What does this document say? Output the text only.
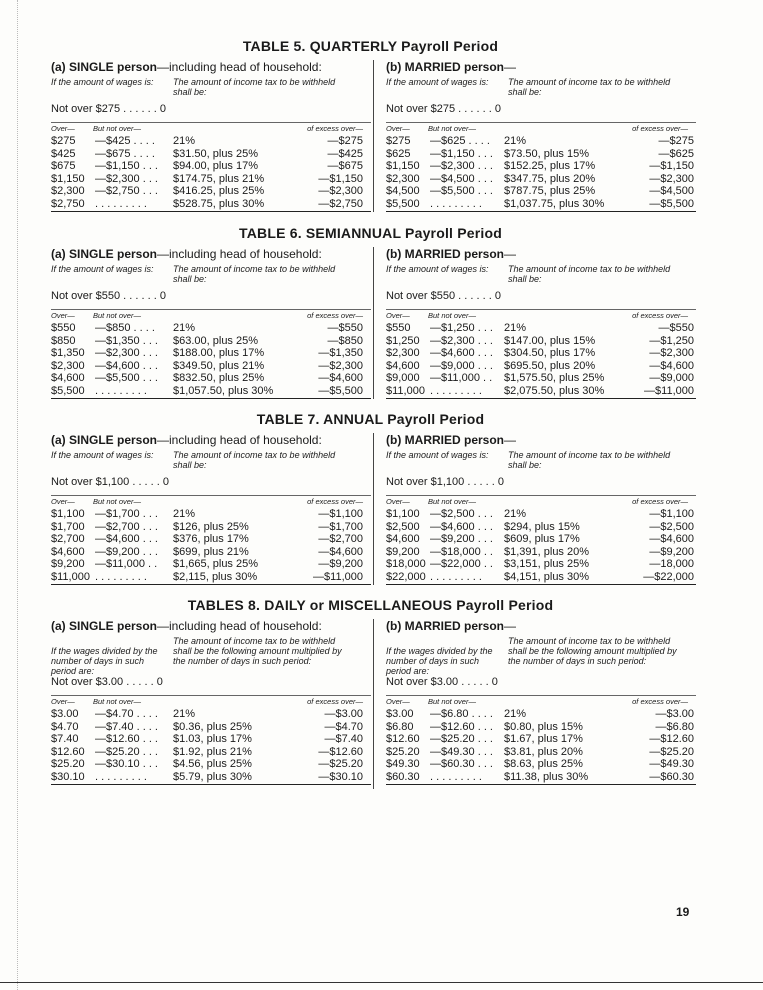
TABLE 5. QUARTERLY Payroll Period
(a) SINGLE person—including head of household:
If the amount of wages is:	The amount of income tax to be withheld shall be:
Not over $275 . . . . . . 0
Over— But not over—	of excess over—
$275 —$425 . . . . 21%	—$275
$425 —$675 . . . . $31.50, plus 25%	—$425
$675 —$1,150 . . . $94.00, plus 17%	—$675
$1,150 —$2,300 . . . $174.75, plus 21%	—$1,150
$2,300 —$2,750 . . . $416.25, plus 25%	—$2,300
$2,750 . . . . . . . . . $528.75, plus 30%	—$2,750
(b) MARRIED person—
If the amount of wages is:	The amount of income tax to be withheld shall be:
Not over $275 . . . . . . 0
Over— But not over—	of excess over—
$275 —$625 . . . . 21%	—$275
$625 —$1,150 . . . $73.50, plus 15%	—$625
$1,150 —$2,300 . . . $152.25, plus 17%	—$1,150
$2,300 —$4,500 . . . $347.75, plus 20%	—$2,300
$4,500 —$5,500 . . . $787.75, plus 25%	—$4,500
$5,500 . . . . . . . . . $1,037.75, plus 30%	—$5,500
TABLE 6. SEMIANNUAL Payroll Period
(a) SINGLE person—including head of household:
If the amount of wages is:	The amount of income tax to be withheld shall be:
Not over $550 . . . . . . 0
Over— But not over—	of excess over—
$550 —$850 . . . . 21%	—$550
$850 —$1,350 . . . $63.00, plus 25%	—$850
$1,350 —$2,300 . . . $188.00, plus 17%	—$1,350
$2,300 —$4,600 . . . $349.50, plus 21%	—$2,300
$4,600 —$5,500 . . . $832.50, plus 25%	—$4,600
$5,500 . . . . . . . . . $1,057.50, plus 30%	—$5,500
(b) MARRIED person—
If the amount of wages is:	The amount of income tax to be withheld shall be:
Not over $550 . . . . . . 0
Over— But not over—	of excess over—
$550 —$1,250 . . . 21%	—$550
$1,250 —$2,300 . . . $147.00, plus 15%	—$1,250
$2,300 —$4,600 . . . $304.50, plus 17%	—$2,300
$4,600 —$9,000 . . . $695.50, plus 20%	—$4,600
$9,000 —$11,000 . . $1,575.50, plus 25%	—$9,000
$11,000 . . . . . . . . . $2,075.50, plus 30%	—$11,000
TABLE 7. ANNUAL Payroll Period
(a) SINGLE person—including head of household:
If the amount of wages is:	The amount of income tax to be withheld shall be:
Not over $1,100 . . . . . 0
Over— But not over—	of excess over—
$1,100 —$1,700 . . . 21%	—$1,100
$1,700 —$2,700 . . . $126, plus 25%	—$1,700
$2,700 —$4,600 . . . $376, plus 17%	—$2,700
$4,600 —$9,200 . . . $699, plus 21%	—$4,600
$9,200 —$11,000 . . $1,665, plus 25%	—$9,200
$11,000 . . . . . . . . . $2,115, plus 30%	—$11,000
(b) MARRIED person—
If the amount of wages is:	The amount of income tax to be withheld shall be:
Not over $1,100 . . . . . 0
Over— But not over—	of excess over—
$1,100 —$2,500 . . . 21%	—$1,100
$2,500 —$4,600 . . . $294, plus 15%	—$2,500
$4,600 —$9,200 . . . $609, plus 17%	—$4,600
$9,200 —$18,000 . . $1,391, plus 20%	—$9,200
$18,000 —$22,000 . . $3,151, plus 25%	—18,000
$22,000 . . . . . . . . . $4,151, plus 30%	—$22,000
TABLES 8. DAILY or MISCELLANEOUS Payroll Period
(a) SINGLE person—including head of household:
If the wages divided by the number of days in such period are:
The amount of income tax to be withheld shall be the following amount multiplied by the number of days in such period:
Not over $3.00 . . . . . 0
Over— But not over—	of excess over—
$3.00 —$4.70 . . . . 21%	—$3.00
$4.70 —$7.40 . . . . $0.36, plus 25%	—$4.70
$7.40 —$12.60 . . . $1.03, plus 17%	—$7.40
$12.60 —$25.20 . . . $1.92, plus 21%	—$12.60
$25.20 —$30.10 . . . $4.56, plus 25%	—$25.20
$30.10 . . . . . . . . . $5.79, plus 30%	—$30.10
(b) MARRIED person—
If the wages divided by the number of days in such period are:
The amount of income tax to be withheld shall be the following amount multiplied by the number of days in such period:
Not over $3.00 . . . . . 0
Over— But not over—	of excess over—
$3.00 —$6.80 . . . . 21%	—$3.00
$6.80 —$12.60 . . . $0.80, plus 15%	—$6.80
$12.60 —$25.20 . . . $1.67, plus 17%	—$12.60
$25.20 —$49.30 . . . $3.81, plus 20%	—$25.20
$49.30 —$60.30 . . . $8.63, plus 25%	—$49.30
$60.30 . . . . . . . . . $11.38, plus 30%	—$60.30
19
